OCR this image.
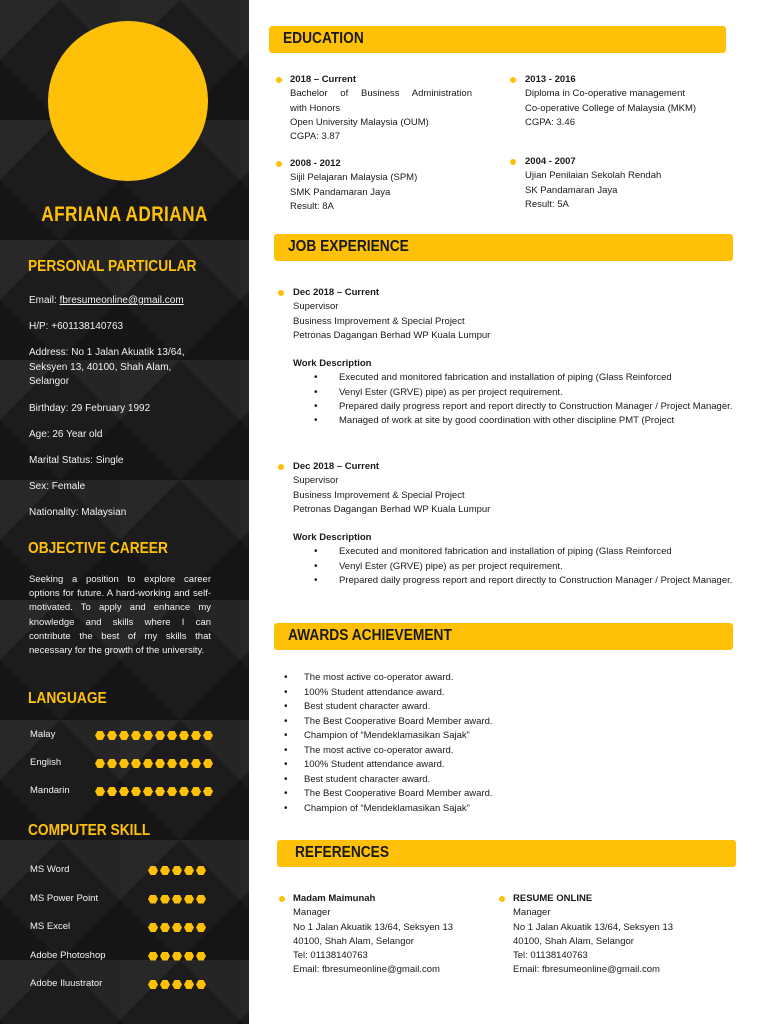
AFRIANA ADRIANA
PERSONAL PARTICULAR
Email: fbresumeonline@gmail.com
H/P: +601138140763
Address: No 1 Jalan Akuatik 13/64,
Seksyen 13, 40100, Shah Alam,
Selangor
Birthday: 29 February 1992
Age: 26 Year old
Marital Status: Single
Sex: Female
Nationality: Malaysian
OBJECTIVE CAREER
Seeking a position to explore career options for future. A hard-working and self-motivated. To apply and enhance my knowledge and skills where I can contribute the best of my skills that necessary for the growth of the university.
LANGUAGE
COMPUTER SKILL
Malay
English
Mandarin
MS Word
MS Power Point
MS Excel
Adobe Photoshop
Adobe Iluustrator
EDUCATION
2018 – Current
Bachelor of Business Administration
with Honors
Open University Malaysia (OUM)
CGPA: 3.87
2013 - 2016
Diploma in Co-operative management
Co-operative College of Malaysia (MKM)
CGPA: 3.46
2008 - 2012
Sijil Pelajaran Malaysia (SPM)
SMK Pandamaran Jaya
Result: 8A
2004 - 2007
Ujian Penilaian Sekolah Rendah
SK Pandamaran Jaya
Result: 5A
JOB EXPERIENCE
Dec 2018 – Current
Supervisor
Business Improvement & Special Project
Petronas Dagangan Berhad WP Kuala Lumpur
Work Description
• Executed and monitored fabrication and installation of piping (Glass Reinforced
• Venyl Ester (GRVE) pipe) as per project requirement.
• Prepared daily progress report and report directly to Construction Manager / Project Manager.
• Managed of work at site by good coordination with other discipline PMT (Project
Dec 2018 – Current
Supervisor
Business Improvement & Special Project
Petronas Dagangan Berhad WP Kuala Lumpur
Work Description
• Executed and monitored fabrication and installation of piping (Glass Reinforced
• Venyl Ester (GRVE) pipe) as per project requirement.
• Prepared daily progress report and report directly to Construction Manager / Project Manager.
AWARDS ACHIEVEMENT
• The most active co-operator award.
• 100% Student attendance award.
• Best student character award.
• The Best Cooperative Board Member award.
• Champion of “Mendeklamasikan Sajak”
• The most active co-operator award.
• 100% Student attendance award.
• Best student character award.
• The Best Cooperative Board Member award.
• Champion of “Mendeklamasikan Sajak”
REFERENCES
Madam Maimunah
Manager
No 1 Jalan Akuatik 13/64, Seksyen 13
40100, Shah Alam, Selangor
Tel: 01138140763
Email: fbresumeonline@gmail.com
RESUME ONLINE
Manager
No 1 Jalan Akuatik 13/64, Seksyen 13
40100, Shah Alam, Selangor
Tel: 01138140763
Email: fbresumeonline@gmail.com
